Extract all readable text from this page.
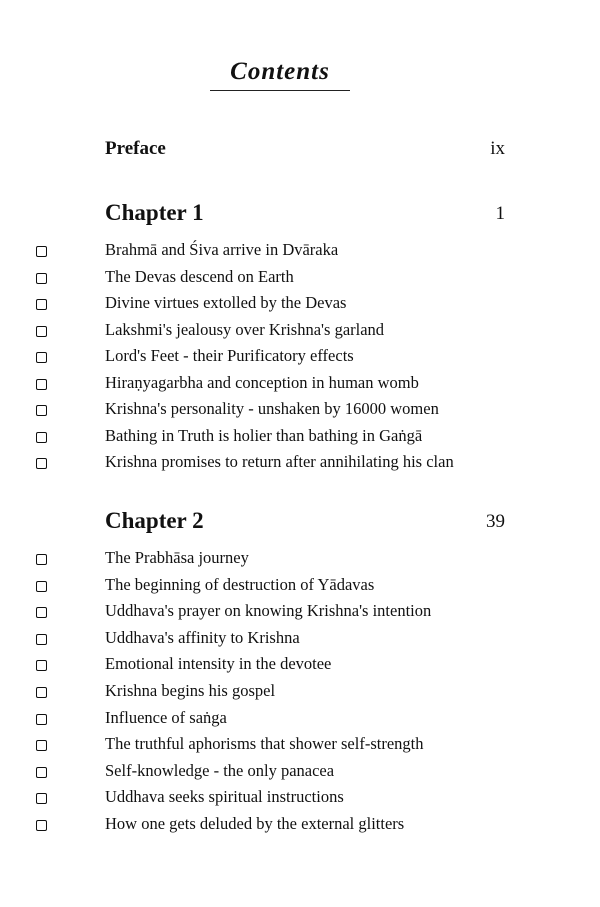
Contents
Preface	ix
Chapter 1	1
Brahmā and Śiva arrive in Dvāraka
The Devas descend on Earth
Divine virtues extolled by the Devas
Lakshmi's jealousy over Krishna's garland
Lord's Feet - their Purificatory effects
Hiraṇyagarbha and conception in human womb
Krishna's personality - unshaken by 16000 women
Bathing in Truth is holier than bathing in Gaṅgā
Krishna promises to return after annihilating his clan
Chapter 2	39
The Prabhāsa journey
The beginning of destruction of Yādavas
Uddhava's prayer on knowing Krishna's intention
Uddhava's affinity to Krishna
Emotional intensity in the devotee
Krishna begins his gospel
Influence of saṅga
The truthful aphorisms that shower self-strength
Self-knowledge - the only panacea
Uddhava seeks spiritual instructions
How one gets deluded by the external glitters
